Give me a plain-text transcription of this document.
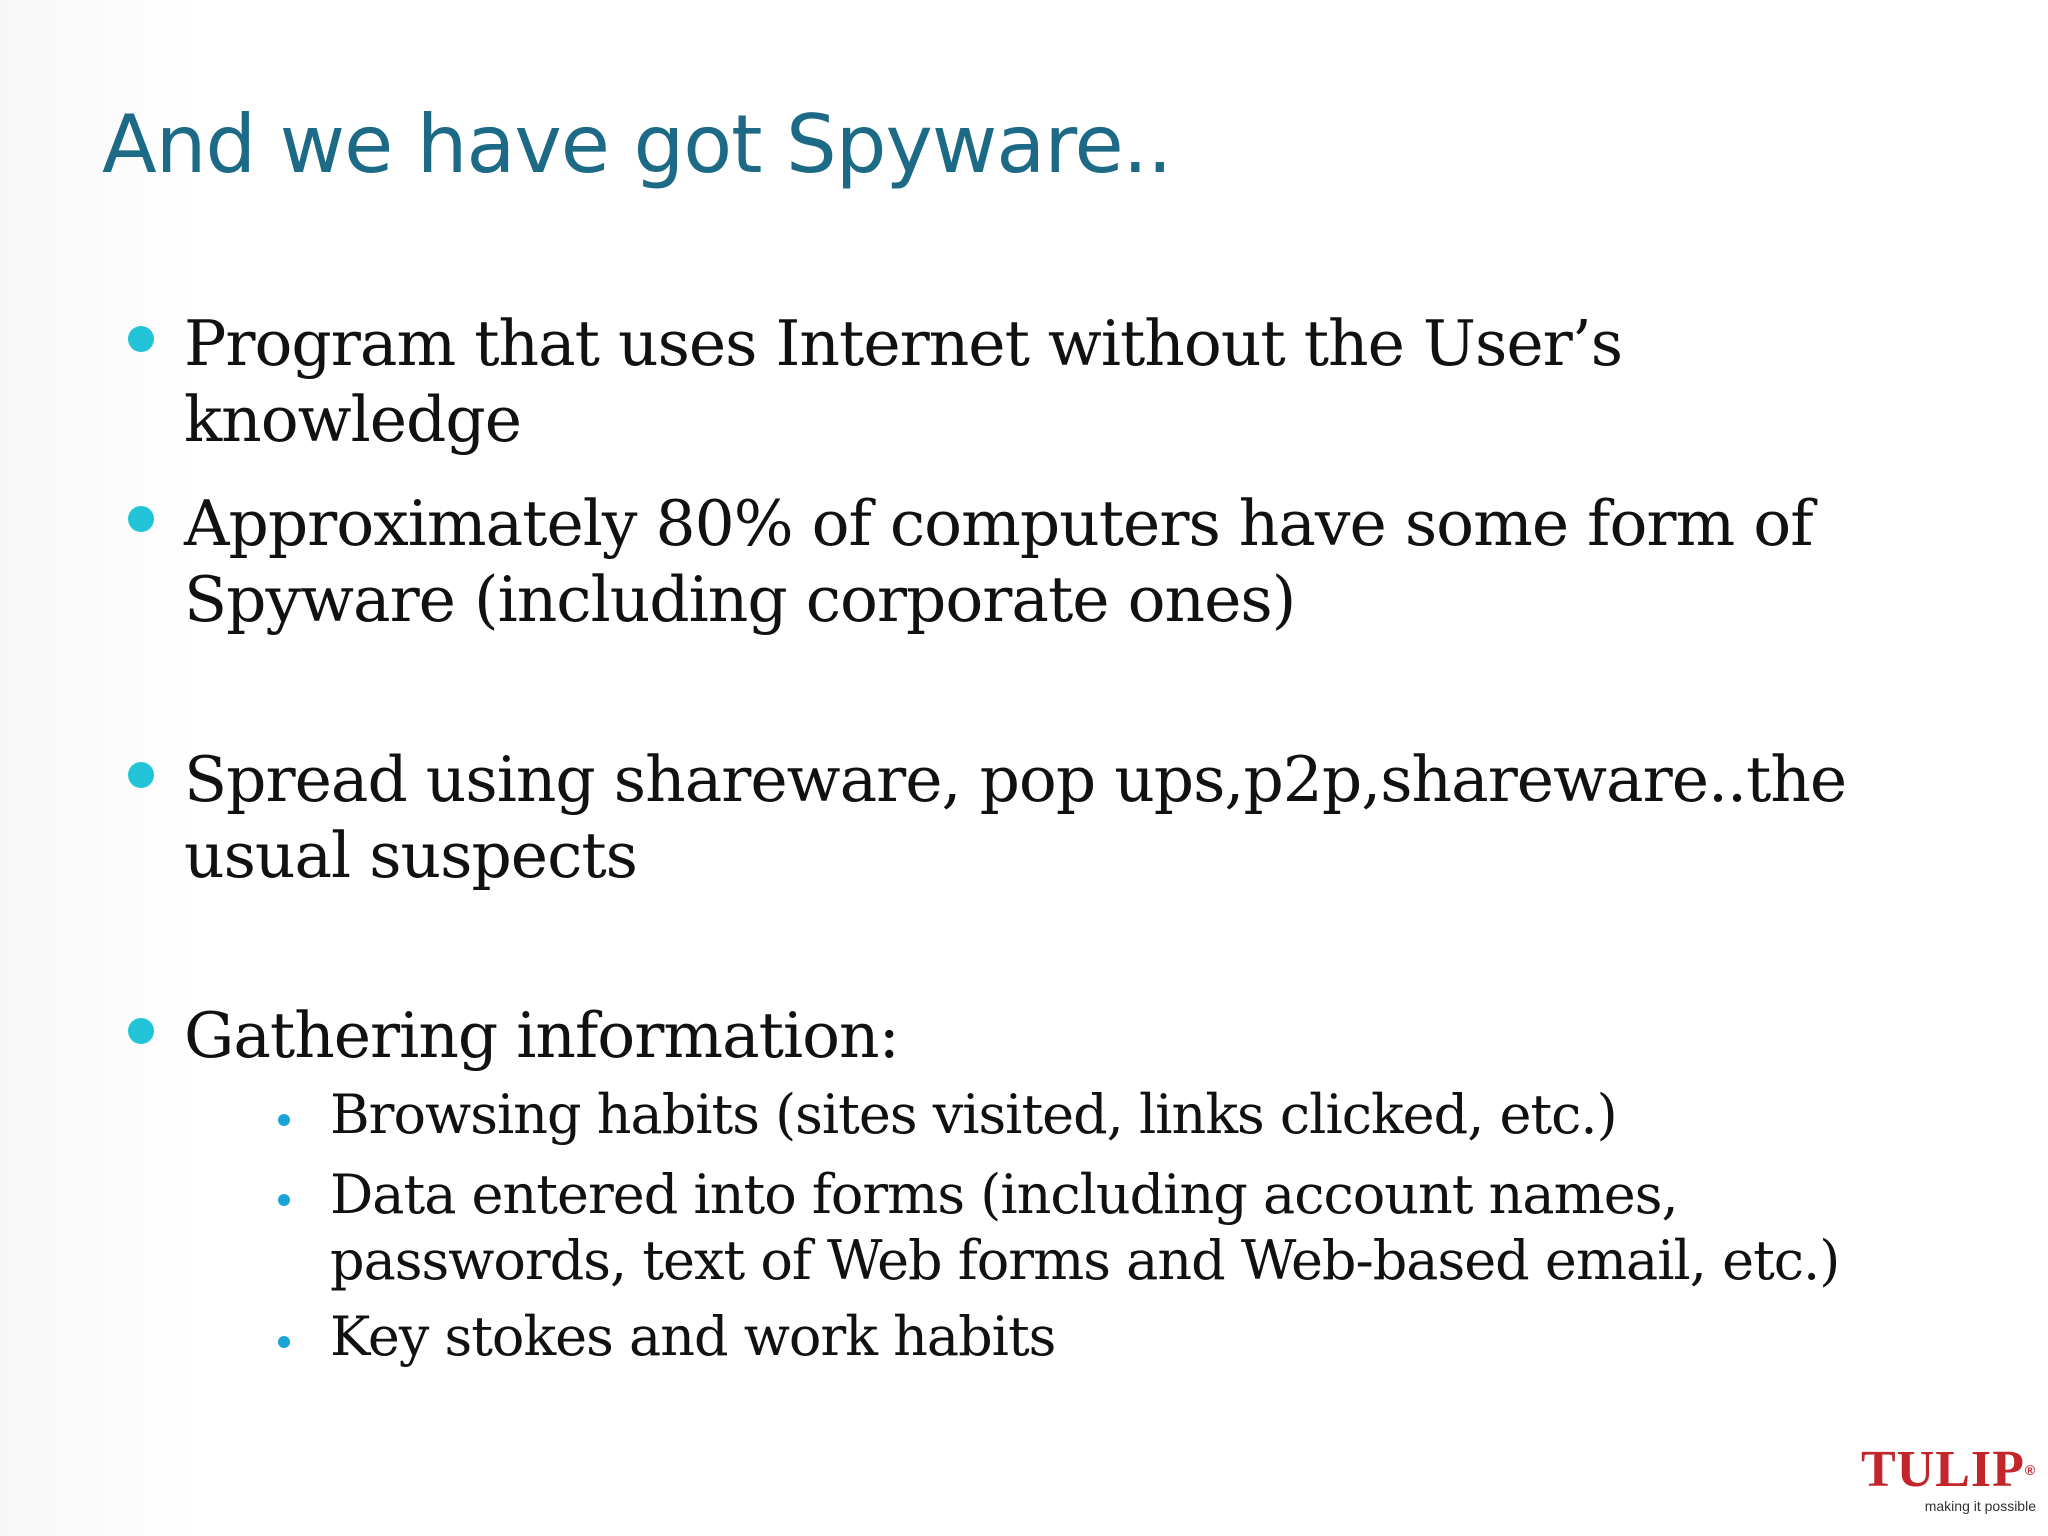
And we have got Spyware..
Program that uses Internet without the User’s knowledge
Approximately 80% of computers have some form of Spyware (including corporate ones)
Spread using shareware, pop ups,p2p,shareware..the usual suspects
Gathering information:
Browsing habits (sites visited, links clicked, etc.)
Data entered into forms (including account names, passwords, text of Web forms and Web-based email, etc.)
Key stokes and work habits
TULIP®
making it possible
